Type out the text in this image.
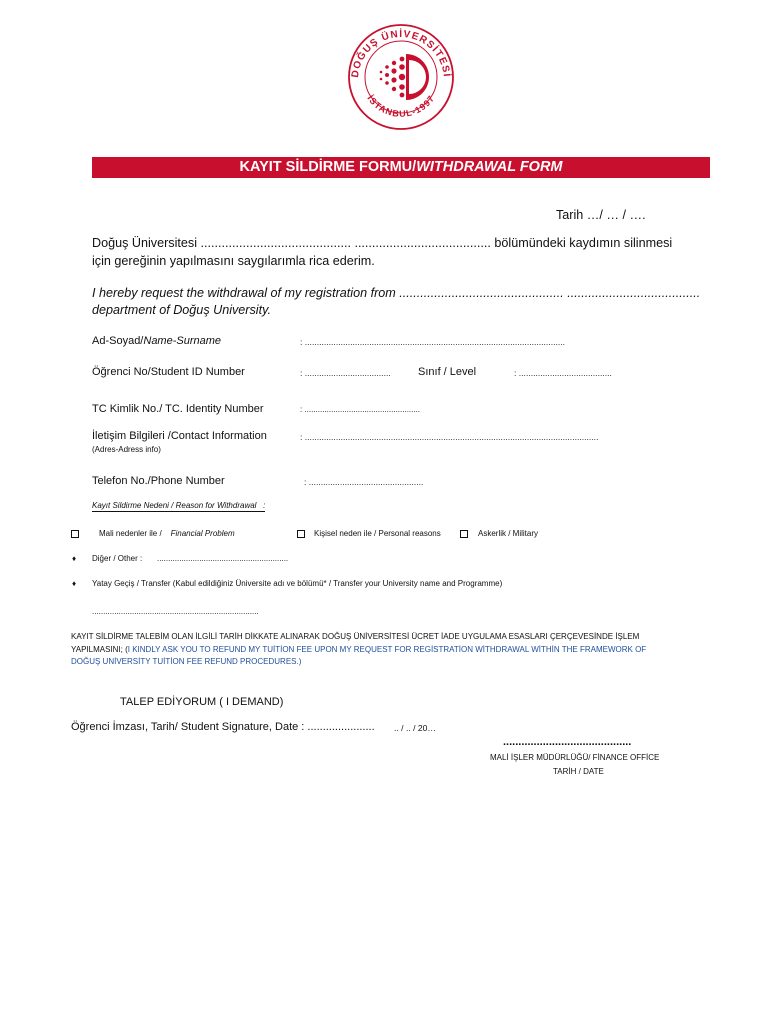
DOĞUŞ ÜNİVERSİTESİ
İSTANBUL-1997
KAYIT SİLDİRME FORMU/WITHDRAWAL FORM
Tarih …/ … / ….
Doğuş Üniversitesi ........................................... ....................................... bölümündeki kaydımın silinmesi
için gereğinin yapılmasını saygılarımla rica ederim.
I hereby request the withdrawal of my registration from ............................................... ......................................
department of Doğuş University.
Ad-Soyad/Name-Surname	: .............................................................................................................
Öğrenci No/Student ID Number	: .................................... Sınıf / Level	: .......................................
TC Kimlik No./ TC. Identity Number	: ....................................................
İletişim Bilgileri /Contact Information	: ...........................................................................................................................
(Adres-Adress info)
Telefon No./Phone Number	: ................................................
Kayıt Sildirme Nedeni / Reason for Withdrawal :
Mali nedenler ile / Financial Problem	Kişisel neden ile / Personal reasons	Askerlik / Military
♦ Diğer / Other : ...........................................................
♦ Yatay Geçiş / Transfer (Kabul edildiğiniz Üniversite adı ve bölümü* / Transfer your University name and Programme)
...........................................................................
KAYIT SİLDİRME TALEBİM OLAN İLGİLİ TARİH DİKKATE ALINARAK DOĞUŞ ÜNİVERSİTESİ ÜCRET İADE UYGULAMA ESASLARI ÇERÇEVESİNDE İŞLEM
YAPILMASINI; (I KINDLY ASK YOU TO REFUND MY TUİTİON FEE UPON MY REQUEST FOR REGİSTRATİON WİTHDRAWAL WİTHİN THE FRAMEWORK OF
DOĞUŞ UNİVERSİTY TUİTİON FEE REFUND PROCEDURES.)
TALEP EDİYORUM ( I DEMAND)
Öğrenci İmzası, Tarih/ Student Signature, Date : ...................... .. / .. / 20…
..........................................
MALİ İŞLER MÜDÜRLÜĞÜ/ FİNANCE OFFİCE
TARİH / DATE
